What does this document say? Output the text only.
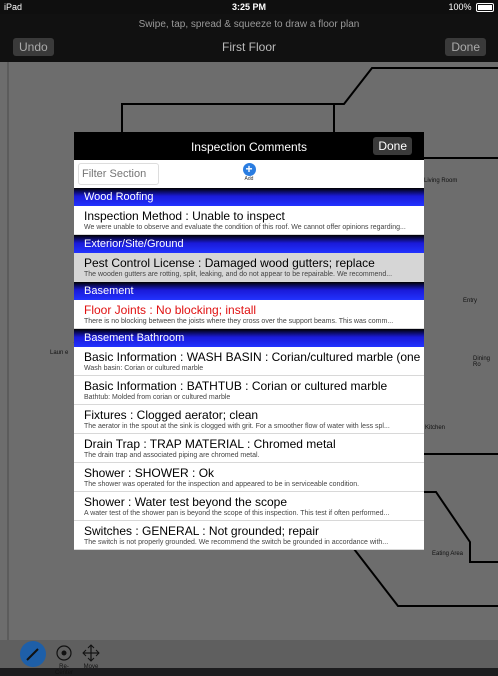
iPad	3:25 PM	100%
Swipe, tap, spread & squeeze to draw a floor plan
Undo	First Floor	Done
Living Room
Entry
Dining Ro
Kitchen
Eating Area
Laun e
Re-Center
Move
Inspection Comments	Done
Filter Section
+
Add
Wood Roofing
Inspection Method : Unable to inspect
We were unable to observe and evaluate the condition of this roof. We cannot offer opinions regarding...
Exterior/Site/Ground
Pest Control License : Damaged wood gutters; replace
The wooden gutters are rotting, split, leaking, and do not appear to be repairable. We recommend...
Basement
Floor Joints : No blocking; install
There is no blocking between the joists where they cross over the support beams. This was comm...
Basement Bathroom
Basic Information : WASH BASIN : Corian/cultured marble (one
Wash basin: Corian or cultured marble
Basic Information : BATHTUB : Corian or cultured marble
Bathtub: Molded from corian or cultured marble
Fixtures : Clogged aerator; clean
The aerator in the spout at the sink is clogged with grit. For a smoother flow of water with less spl...
Drain Trap : TRAP MATERIAL : Chromed metal
The drain trap and associated piping are chromed metal.
Shower : SHOWER : Ok
The shower was operated for the inspection and appeared to be in serviceable condition.
Shower : Water test beyond the scope
A water test of the shower pan is beyond the scope of this inspection. This test if often performed...
Switches : GENERAL : Not grounded; repair
The switch is not properly grounded. We recommend the switch be grounded in accordance with...
